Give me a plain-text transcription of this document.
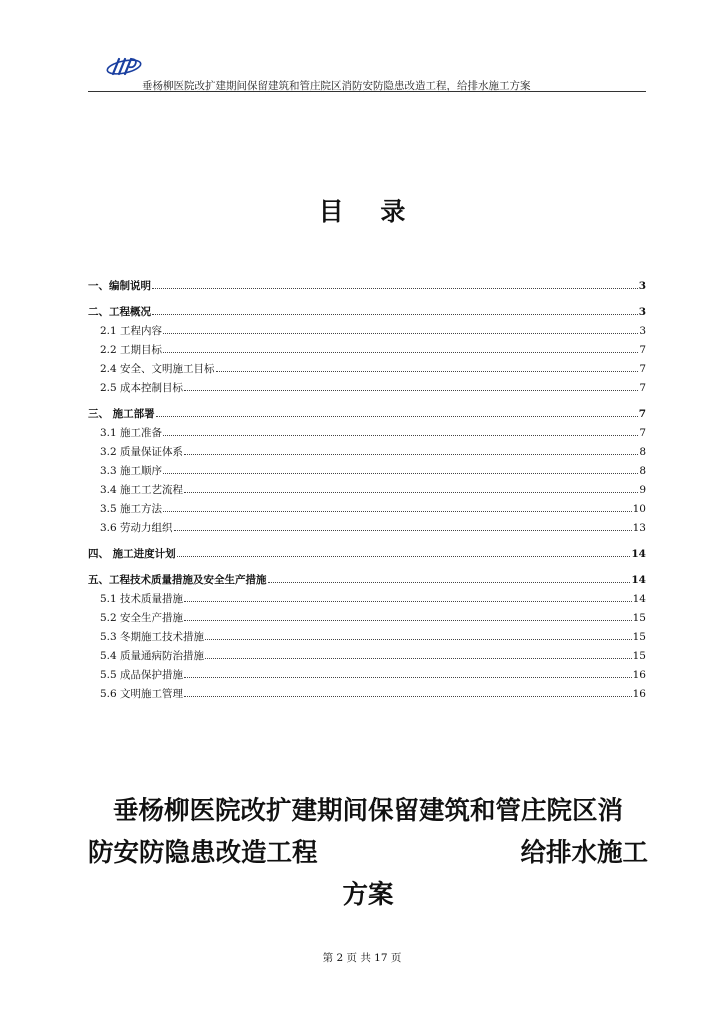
垂杨柳医院改扩建期间保留建筑和管庄院区消防安防隐患改造工程，给排水施工方案
目 录
一、编制说明	3
二、工程概况	3
2.1 工程内容	3
2.2 工期目标	7
2.4 安全、文明施工目标	7
2.5 成本控制目标	7
三、 施工部署	7
3.1 施工准备	7
3.2 质量保证体系	8
3.3 施工顺序	8
3.4 施工工艺流程	9
3.5 施工方法	10
3.6 劳动力组织	13
四、 施工进度计划	14
五、工程技术质量措施及安全生产措施	14
5.1 技术质量措施	14
5.2 安全生产措施	15
5.3 冬期施工技术措施	15
5.4 质量通病防治措施	15
5.5 成品保护措施	16
5.6 文明施工管理	16
垂杨柳医院改扩建期间保留建筑和管庄院区消
防安防隐患改造工程	给排水施工
方案
第 2 页 共 17 页
